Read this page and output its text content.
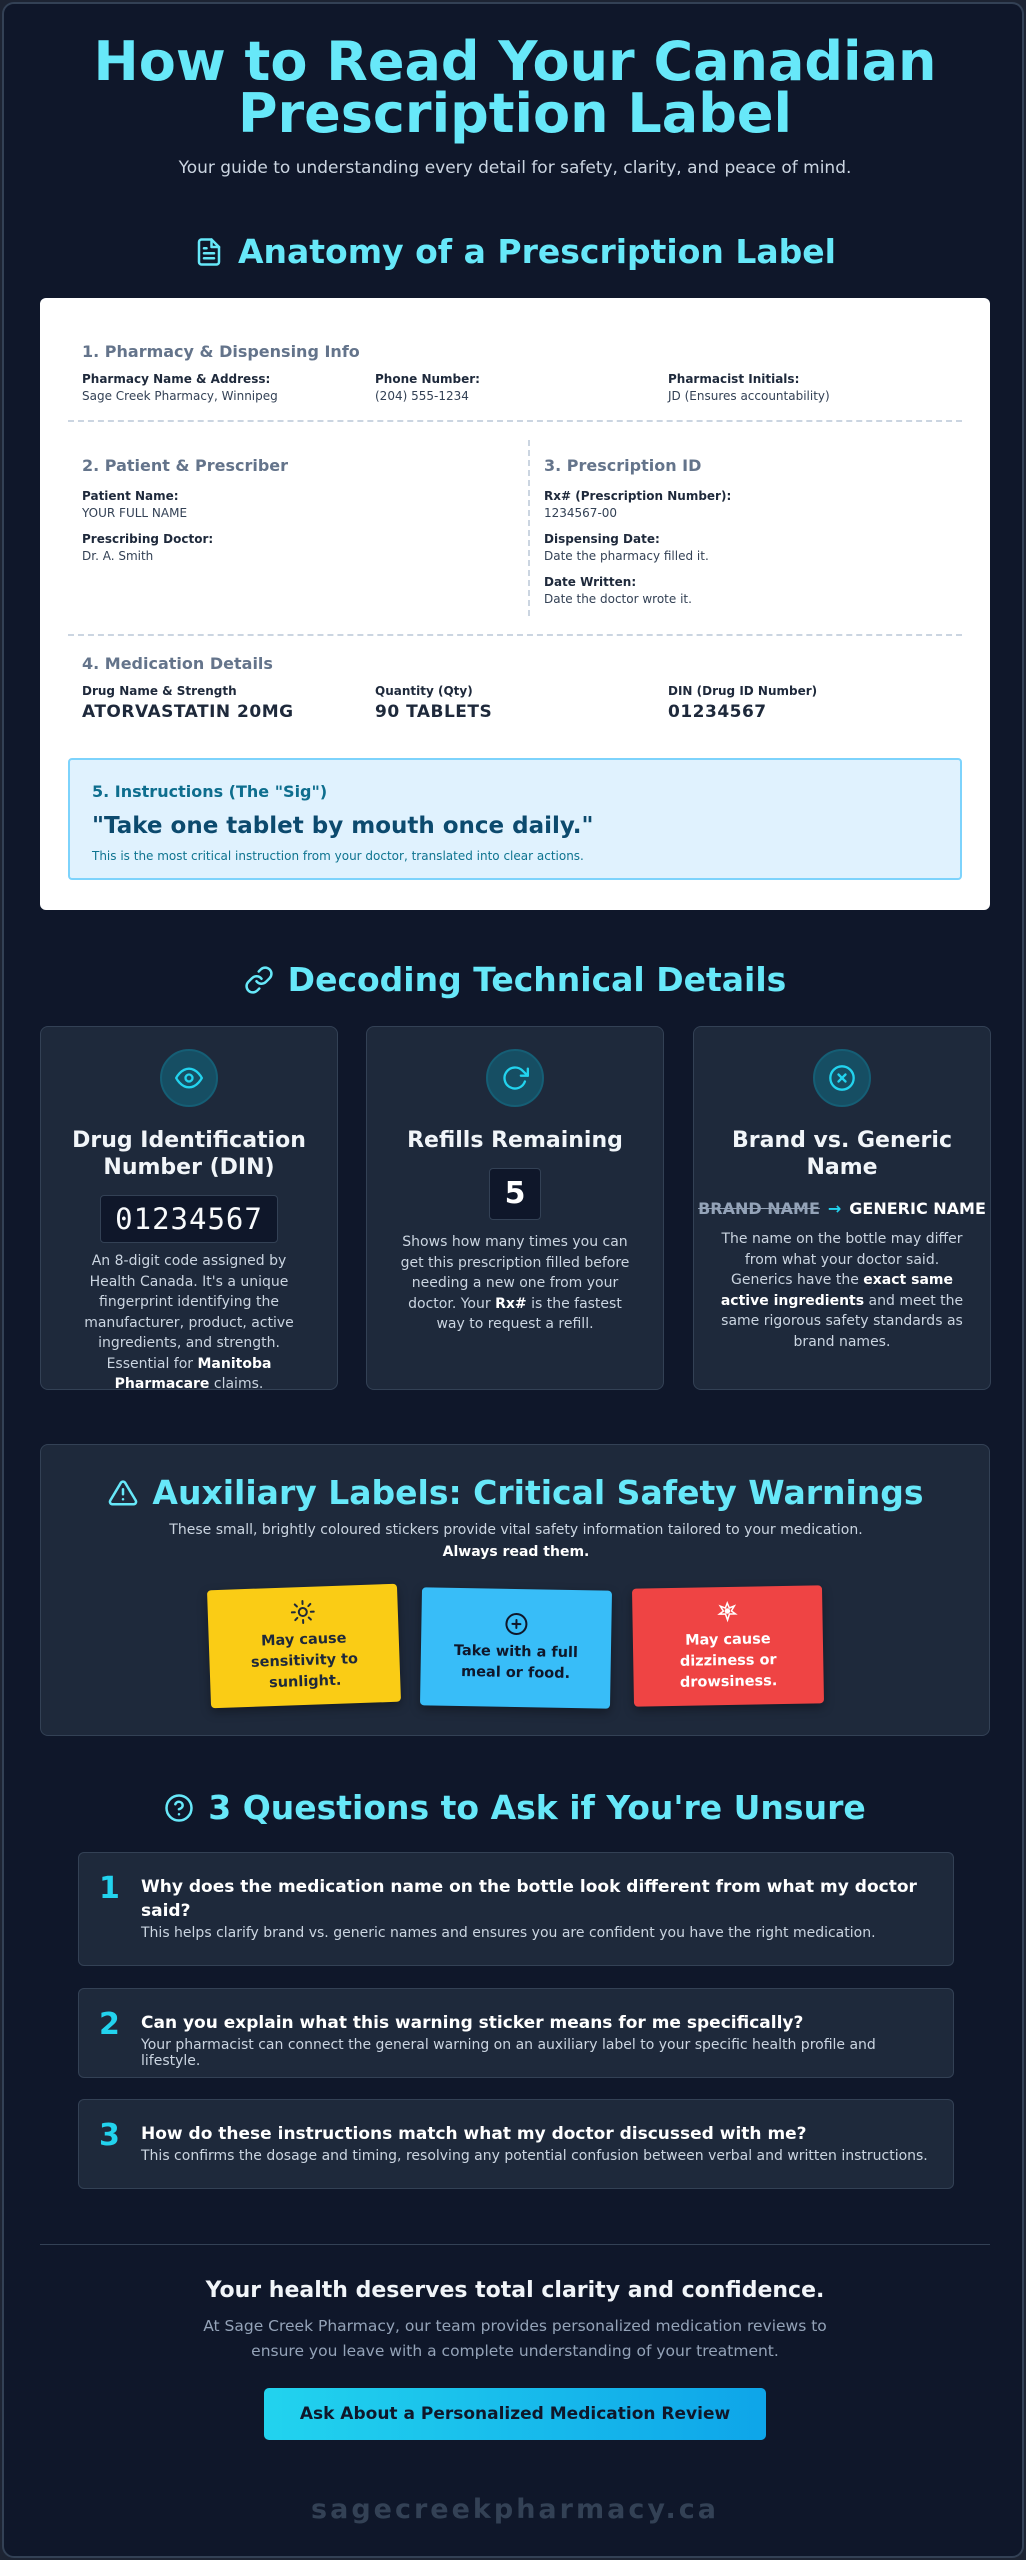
How to Read Your Canadian
Prescription Label
Your guide to understanding every detail for safety, clarity, and peace of mind.
Anatomy of a Prescription Label
1. Pharmacy & Dispensing Info
Pharmacy Name & Address:
Sage Creek Pharmacy, Winnipeg
Phone Number:
(204) 555-1234
Pharmacist Initials:
JD (Ensures accountability)
2. Patient & Prescriber
Patient Name:
YOUR FULL NAME
Prescribing Doctor:
Dr. A. Smith
3. Prescription ID
Rx# (Prescription Number):
1234567-00
Dispensing Date:
Date the pharmacy filled it.
Date Written:
Date the doctor wrote it.
4. Medication Details
Drug Name & Strength
ATORVASTATIN 20MG
Quantity (Qty)
90 TABLETS
DIN (Drug ID Number)
01234567
5. Instructions (The "Sig")
"Take one tablet by mouth once daily."
This is the most critical instruction from your doctor, translated into clear actions.
Decoding Technical Details
Drug Identification Number (DIN)
01234567
An 8-digit code assigned by Health Canada. It's a unique fingerprint identifying the manufacturer, product, active ingredients, and strength. Essential for Manitoba Pharmacare claims.
Refills Remaining
5
Shows how many times you can get this prescription filled before needing a new one from your doctor. Your Rx# is the fastest way to request a refill.
Brand vs. Generic Name
BRAND NAME → GENERIC NAME
The name on the bottle may differ from what your doctor said. Generics have the exact same active ingredients and meet the same rigorous safety standards as brand names.
Auxiliary Labels: Critical Safety Warnings
These small, brightly coloured stickers provide vital safety information tailored to your medication. Always read them.
May cause sensitivity to sunlight.
Take with a full meal or food.
May cause dizziness or drowsiness.
3 Questions to Ask if You're Unsure
1 Why does the medication name on the bottle look different from what my doctor said?
This helps clarify brand vs. generic names and ensures you are confident you have the right medication.
2 Can you explain what this warning sticker means for me specifically?
Your pharmacist can connect the general warning on an auxiliary label to your specific health profile and lifestyle.
3 How do these instructions match what my doctor discussed with me?
This confirms the dosage and timing, resolving any potential confusion between verbal and written instructions.
Your health deserves total clarity and confidence.
At Sage Creek Pharmacy, our team provides personalized medication reviews to ensure you leave with a complete understanding of your treatment.
Ask About a Personalized Medication Review
sagecreekpharmacy.ca
